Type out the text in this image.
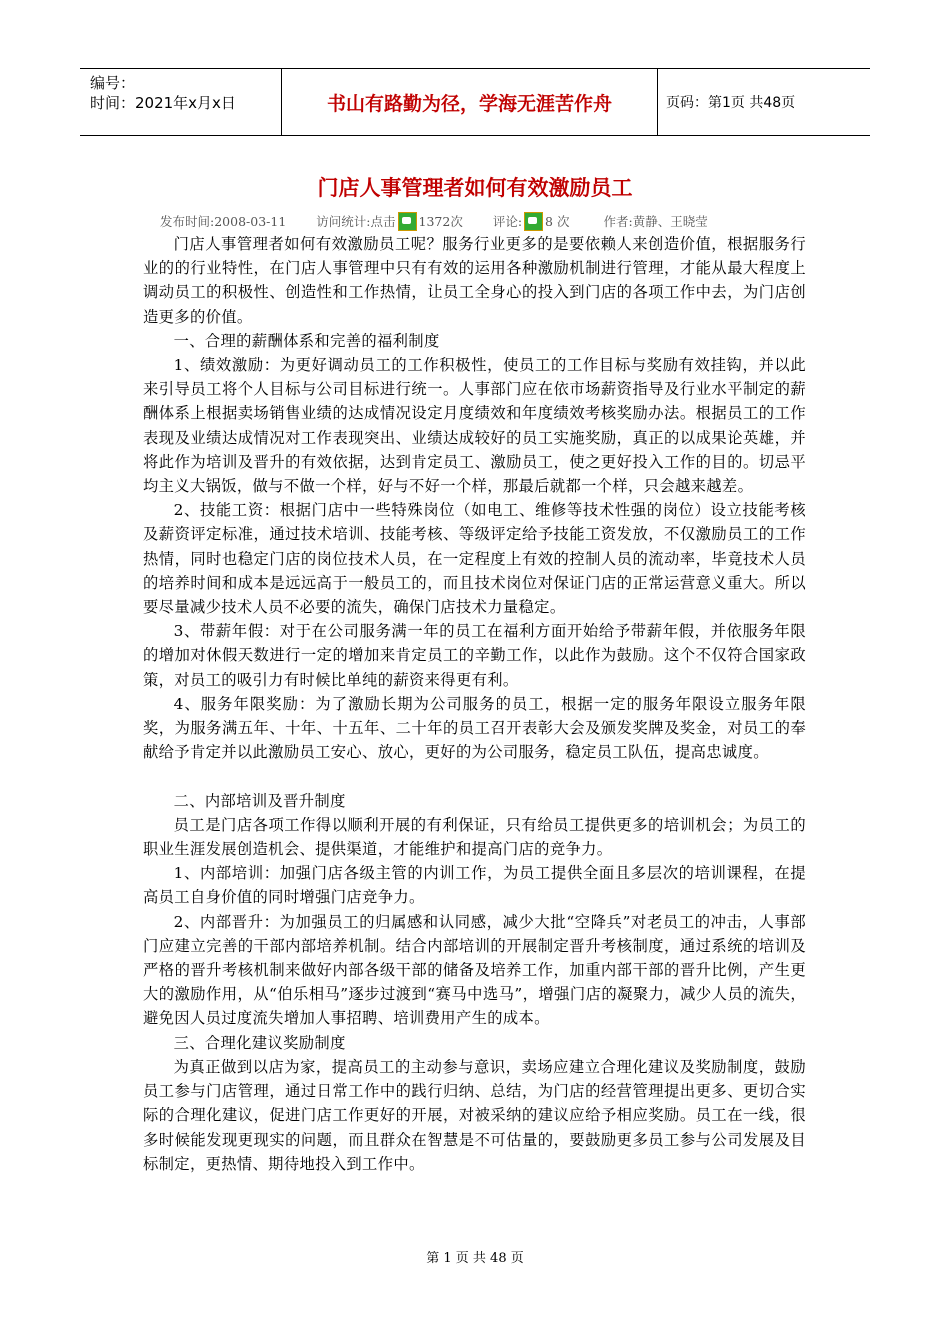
编号：
时间：2021年x月x日	书山有路勤为径，学海无涯苦作舟	页码：第1页 共48页
门店人事管理者如何有效激励员工
发布时间:2008-03-11 访问统计:点击 1372次 评论: 8 次	作者:黄静、王晓莹

门店人事管理者如何有效激励员工呢？服务行业更多的是要依赖人来创造价值，根据服务行业的的行业特性，在门店人事管理中只有有效的运用各种激励机制进行管理，才能从最大程度上调动员工的积极性、创造性和工作热情，让员工全身心的投入到门店的各项工作中去，为门店创造更多的价值。

一、合理的薪酬体系和完善的福利制度

1、绩效激励：为更好调动员工的工作积极性，使员工的工作目标与奖励有效挂钩，并以此来引导员工将个人目标与公司目标进行统一。人事部门应在依市场薪资指导及行业水平制定的薪酬体系上根据卖场销售业绩的达成情况设定月度绩效和年度绩效考核奖励办法。根据员工的工作表现及业绩达成情况对工作表现突出、业绩达成较好的员工实施奖励，真正的以成果论英雄，并将此作为培训及晋升的有效依据，达到肯定员工、激励员工，使之更好投入工作的目的。切忌平均主义大锅饭，做与不做一个样，好与不好一个样，那最后就都一个样，只会越来越差。

2、技能工资：根据门店中一些特殊岗位（如电工、维修等技术性强的岗位）设立技能考核及薪资评定标准，通过技术培训、技能考核、等级评定给予技能工资发放，不仅激励员工的工作热情，同时也稳定门店的岗位技术人员，在一定程度上有效的控制人员的流动率，毕竟技术人员的培养时间和成本是远远高于一般员工的，而且技术岗位对保证门店的正常运营意义重大。所以要尽量减少技术人员不必要的流失，确保门店技术力量稳定。

3、带薪年假：对于在公司服务满一年的员工在福利方面开始给予带薪年假，并依服务年限的增加对休假天数进行一定的增加来肯定员工的辛勤工作，以此作为鼓励。这个不仅符合国家政策，对员工的吸引力有时候比单纯的薪资来得更有利。

4、服务年限奖励：为了激励长期为公司服务的员工，根据一定的服务年限设立服务年限奖，为服务满五年、十年、十五年、二十年的员工召开表彰大会及颁发奖牌及奖金，对员工的奉献给予肯定并以此激励员工安心、放心，更好的为公司服务，稳定员工队伍，提高忠诚度。

二、内部培训及晋升制度

员工是门店各项工作得以顺利开展的有利保证，只有给员工提供更多的培训机会；为员工的职业生涯发展创造机会、提供渠道，才能维护和提高门店的竞争力。

1、内部培训：加强门店各级主管的内训工作，为员工提供全面且多层次的培训课程，在提高员工自身价值的同时增强门店竞争力。

2、内部晋升：为加强员工的归属感和认同感，减少大批“空降兵”对老员工的冲击，人事部门应建立完善的干部内部培养机制。结合内部培训的开展制定晋升考核制度，通过系统的培训及严格的晋升考核机制来做好内部各级干部的储备及培养工作，加重内部干部的晋升比例，产生更大的激励作用，从“伯乐相马”逐步过渡到“赛马中选马”，增强门店的凝聚力，减少人员的流失，避免因人员过度流失增加人事招聘、培训费用产生的成本。

三、合理化建议奖励制度

为真正做到以店为家，提高员工的主动参与意识，卖场应建立合理化建议及奖励制度，鼓励员工参与门店管理，通过日常工作中的践行归纳、总结，为门店的经营管理提出更多、更切合实际的合理化建议，促进门店工作更好的开展，对被采纳的建议应给予相应奖励。员工在一线，很多时候能发现更现实的问题，而且群众在智慧是不可估量的，要鼓励更多员工参与公司发展及目标制定，更热情、期待地投入到工作中。

第 1 页 共 48 页
